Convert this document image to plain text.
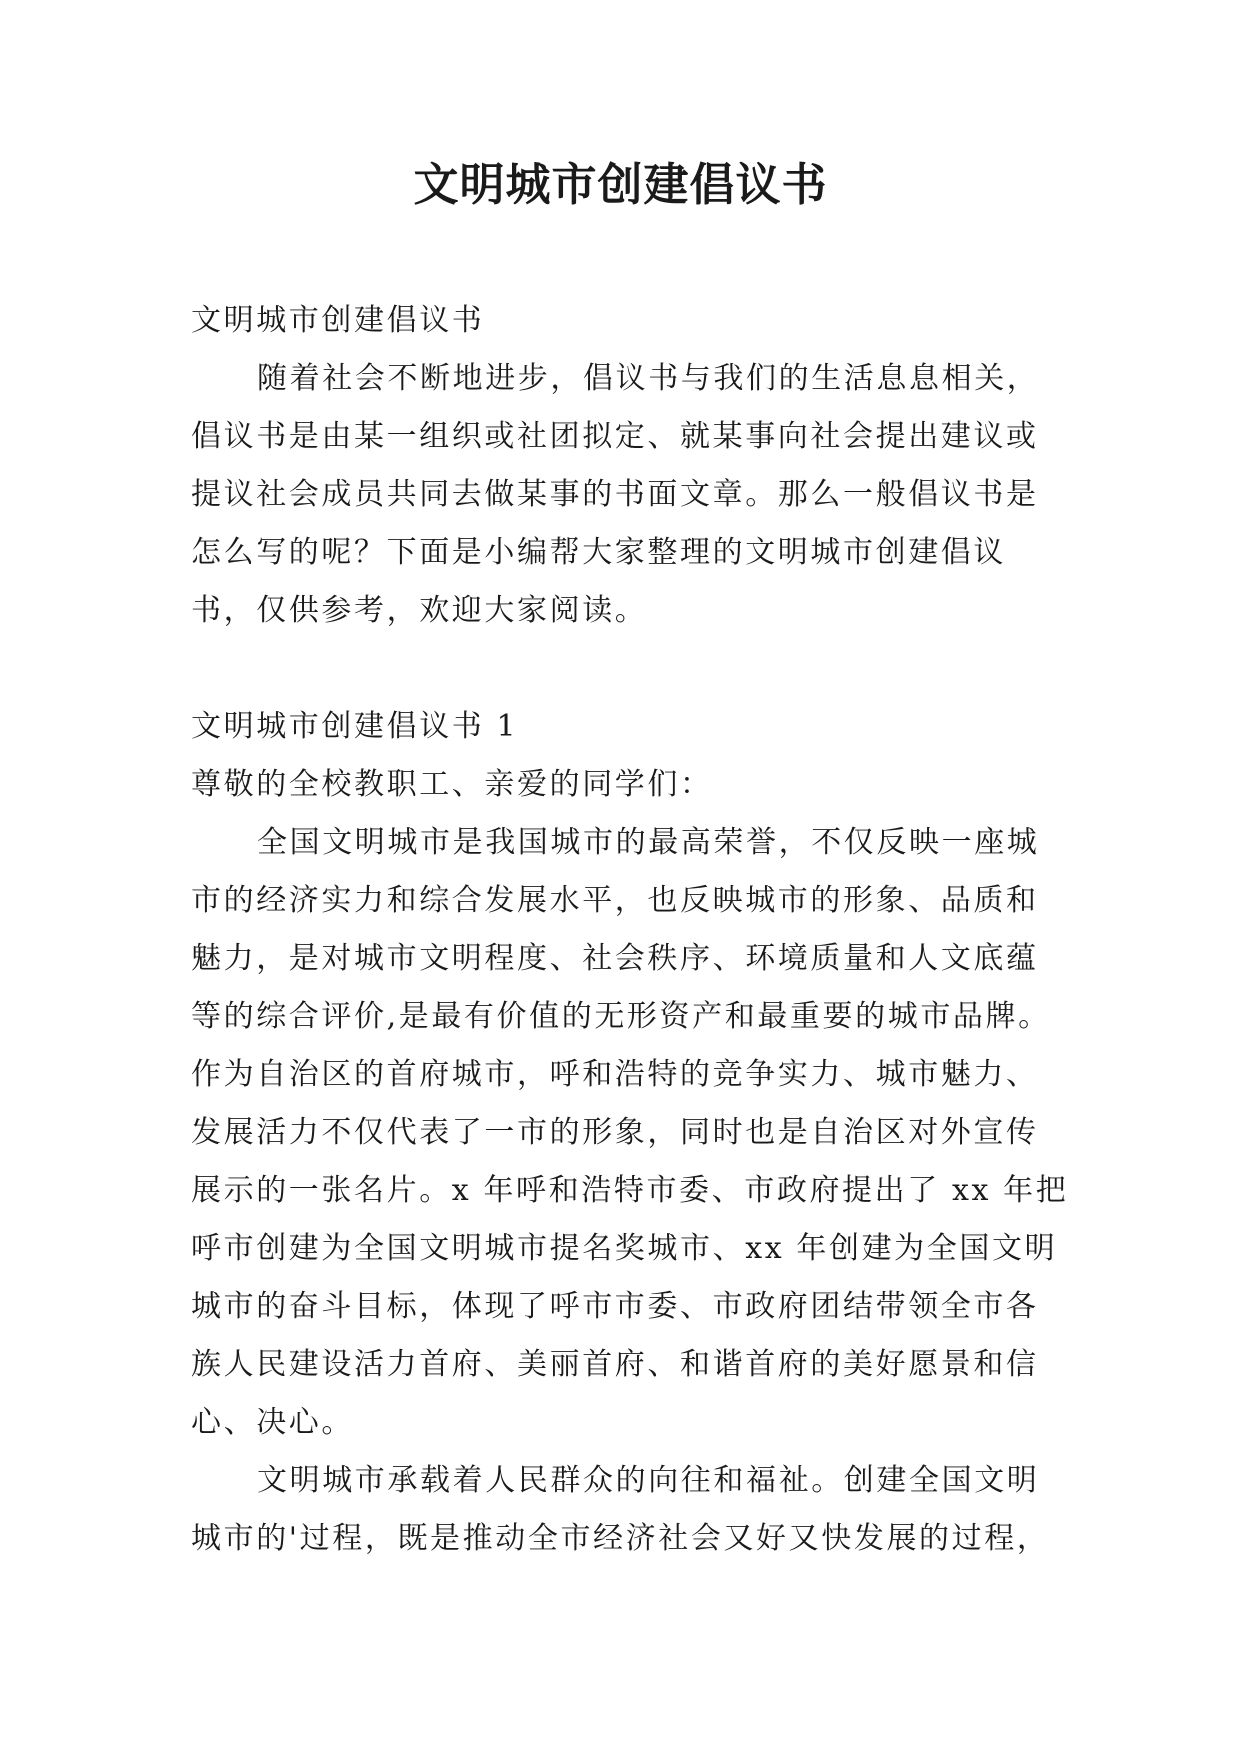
文明城市创建倡议书

文明城市创建倡议书

随着社会不断地进步，倡议书与我们的生活息息相关，

倡议书是由某一组织或社团拟定、就某事向社会提出建议或

提议社会成员共同去做某事的书面文章。那么一般倡议书是

怎么写的呢？下面是小编帮大家整理的文明城市创建倡议

书，仅供参考，欢迎大家阅读。

文明城市创建倡议书 1

尊敬的全校教职工、亲爱的同学们：

全国文明城市是我国城市的最高荣誉，不仅反映一座城

市的经济实力和综合发展水平，也反映城市的形象、品质和

魅力，是对城市文明程度、社会秩序、环境质量和人文底蕴

等的综合评价,是最有价值的无形资产和最重要的城市品牌。

作为自治区的首府城市，呼和浩特的竞争实力、城市魅力、

发展活力不仅代表了一市的形象，同时也是自治区对外宣传

展示的一张名片。x 年呼和浩特市委、市政府提出了 xx 年把

呼市创建为全国文明城市提名奖城市、xx 年创建为全国文明

城市的奋斗目标，体现了呼市市委、市政府团结带领全市各

族人民建设活力首府、美丽首府、和谐首府的美好愿景和信

心、决心。

文明城市承载着人民群众的向往和福祉。创建全国文明

城市的'过程，既是推动全市经济社会又好又快发展的过程，
